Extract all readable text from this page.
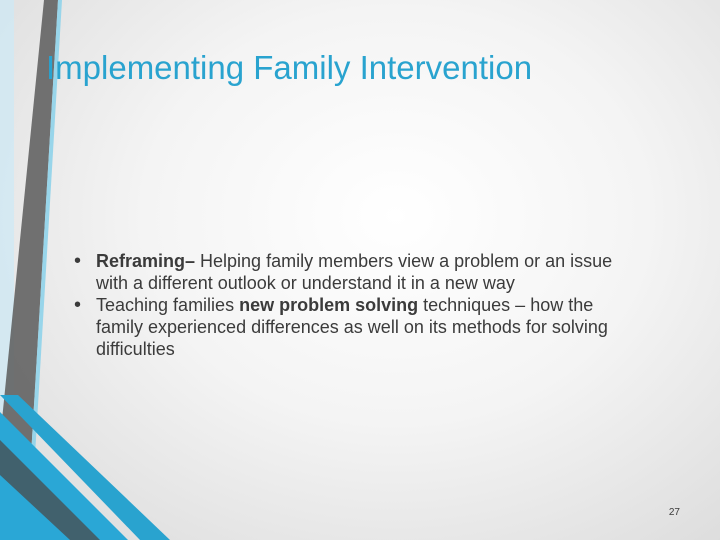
Implementing Family Intervention
• Reframing– Helping family members view a problem or an issue with a different outlook or understand it in a new way
• Teaching families new problem solving techniques – how the family experienced differences as well on its methods for solving difficulties
27
